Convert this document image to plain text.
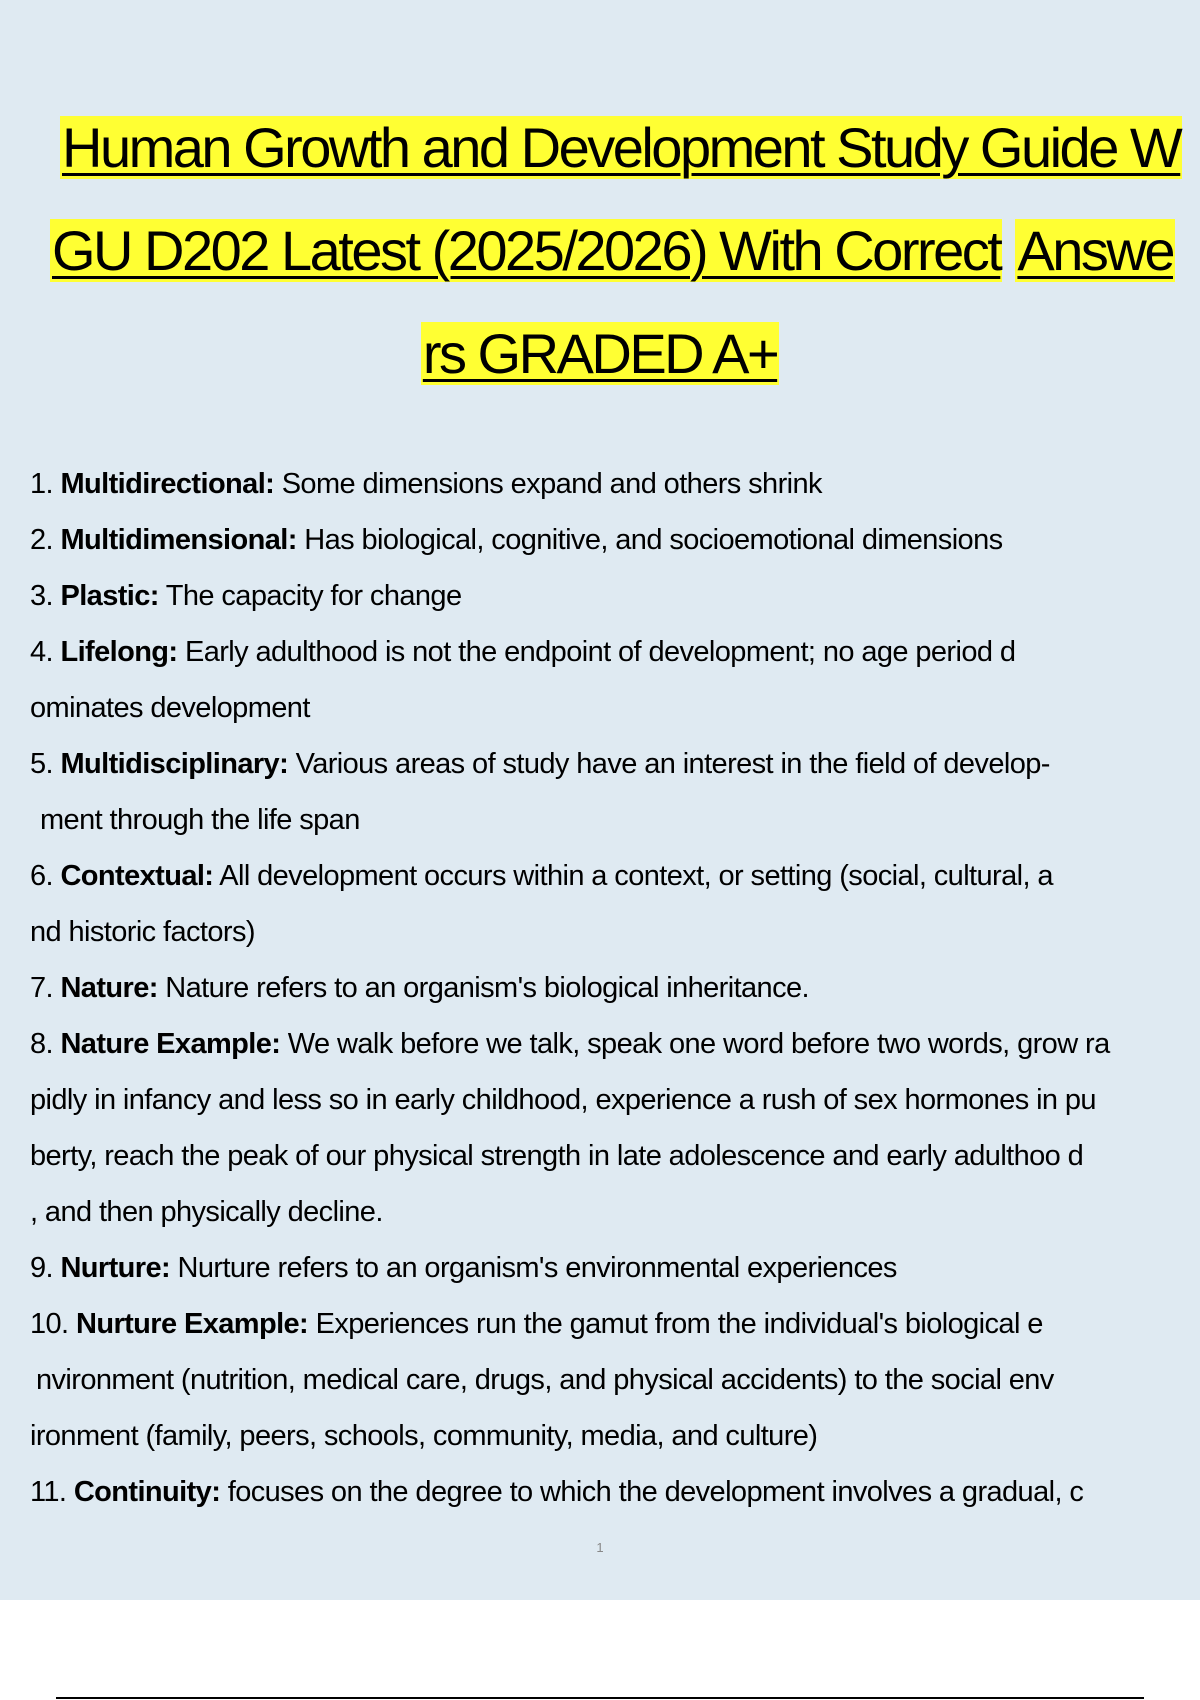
Human Growth and Development Study Guide W
GU D202 Latest (2025/2026) With Correct Answe
rs GRADED A+
1. Multidirectional: Some dimensions expand and others shrink
2. Multidimensional: Has biological, cognitive, and socioemotional dimensions
3. Plastic: The capacity for change
4. Lifelong: Early adulthood is not the endpoint of development; no age period d
ominates development
5. Multidisciplinary: Various areas of study have an interest in the field of develop-
ment through the life span
6. Contextual: All development occurs within a context, or setting (social, cultural, a
nd historic factors)
7. Nature: Nature refers to an organism's biological inheritance.
8. Nature Example: We walk before we talk, speak one word before two words, grow ra
pidly in infancy and less so in early childhood, experience a rush of sex hormones in pu
berty, reach the peak of our physical strength in late adolescence and early adulthoo d
, and then physically decline.
9. Nurture: Nurture refers to an organism's environmental experiences
10. Nurture Example: Experiences run the gamut from the individual's biological e
nvironment (nutrition, medical care, drugs, and physical accidents) to the social env
ironment (family, peers, schools, community, media, and culture)
11. Continuity: focuses on the degree to which the development involves a gradual, c
1
